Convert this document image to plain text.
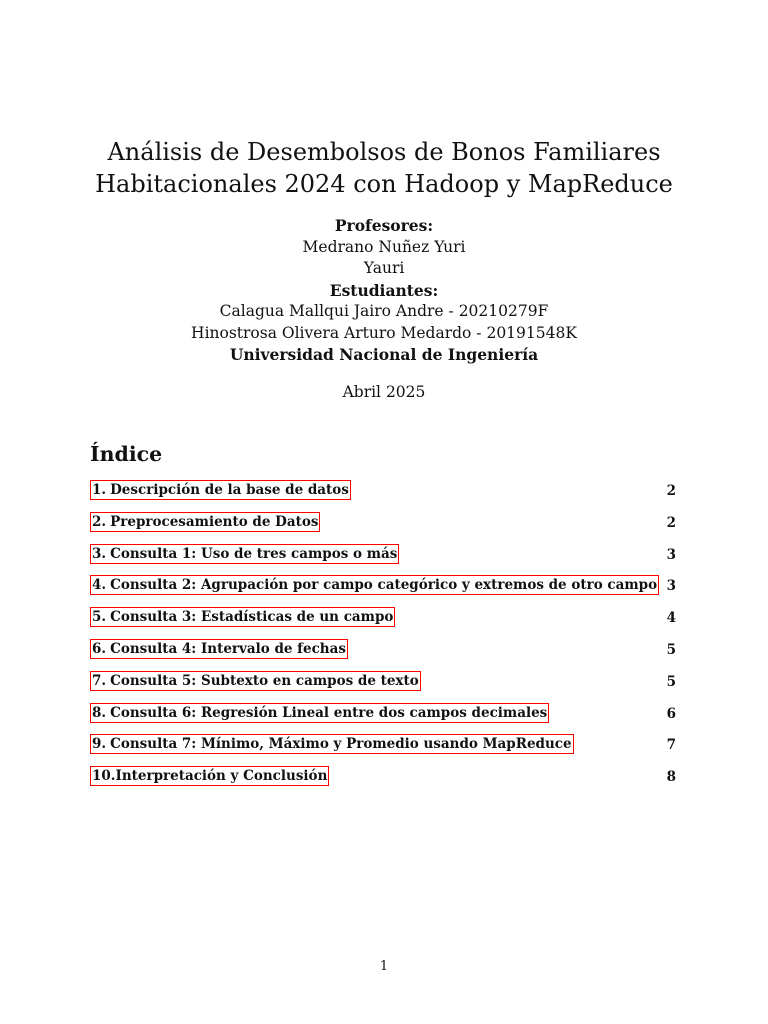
Análisis de Desembolsos de Bonos Familiares
Habitacionales 2024 con Hadoop y MapReduce
Profesores:
Medrano Nuñez Yuri
Yauri
Estudiantes:
Calagua Mallqui Jairo Andre - 20210279F
Hinostrosa Olivera Arturo Medardo - 20191548K
Universidad Nacional de Ingeniería
Abril 2025
Índice
1. Descripción de la base de datos	2
2. Preprocesamiento de Datos	2
3. Consulta 1: Uso de tres campos o más	3
4. Consulta 2: Agrupación por campo categórico y extremos de otro campo 3
5. Consulta 3: Estadísticas de un campo	4
6. Consulta 4: Intervalo de fechas	5
7. Consulta 5: Subtexto en campos de texto	5
8. Consulta 6: Regresión Lineal entre dos campos decimales	6
9. Consulta 7: Mínimo, Máximo y Promedio usando MapReduce	7
10.Interpretación y Conclusión	8
1
